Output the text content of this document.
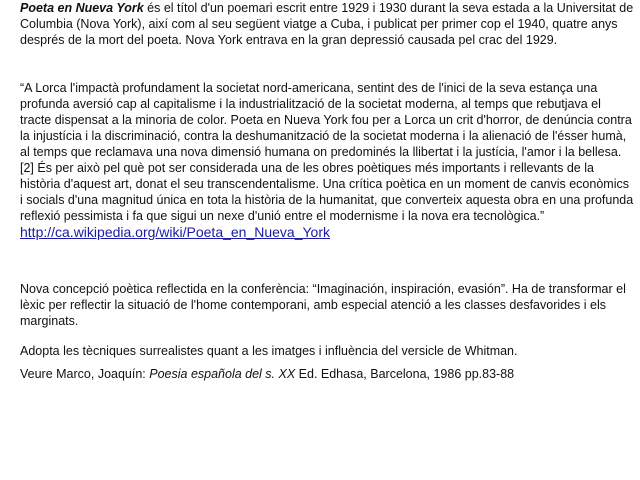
Poeta en Nueva York és el títol d'un poemari escrit entre 1929 i 1930 durant la seva estada a la Universitat de Columbia (Nova York), així com al seu següent viatge a Cuba, i publicat per primer cop el 1940, quatre anys després de la mort del poeta. Nova York entrava en la gran depressió causada pel crac del 1929.

“A Lorca l'impactà profundament la societat nord-americana, sentint des de l'inici de la seva estança una profunda aversió cap al capitalisme i la industrialització de la societat moderna, al temps que rebutjava el tracte dispensat a la minoria de color. Poeta en Nueva York fou per a Lorca un crit d'horror, de denúncia contra la injustícia i la discriminació, contra la deshumanització de la societat moderna i la alienació de l'ésser humà, al temps que reclamava una nova dimensió humana on predominés la llibertat i la justícia, l'amor i la bellesa.[2] És per això pel què pot ser considerada una de les obres poètiques més importants i rellevants de la història d'aquest art, donat el seu transcendentalisme. Una crítica poètica en un moment de canvis econòmics i socials d'una magnitud única en tota la història de la humanitat, que converteix aquesta obra en una profunda reflexió pessimista i fa que sigui un nexe d'unió entre el modernisme i la nova era tecnològica.” http://ca.wikipedia.org/wiki/Poeta_en_Nueva_York

Nova concepció poètica reflectida en la conferència: “Imaginación, inspiración, evasión”. Ha de transformar el lèxic per reflectir la situació de l'home contemporani, amb especial atenció a les classes desfavorides i els marginats.

Adopta les tècniques surrealistes quant a les imatges i influència del versicle de Whitman.

Veure Marco, Joaquín: Poesia española del s. XX Ed. Edhasa, Barcelona, 1986 pp.83-88
